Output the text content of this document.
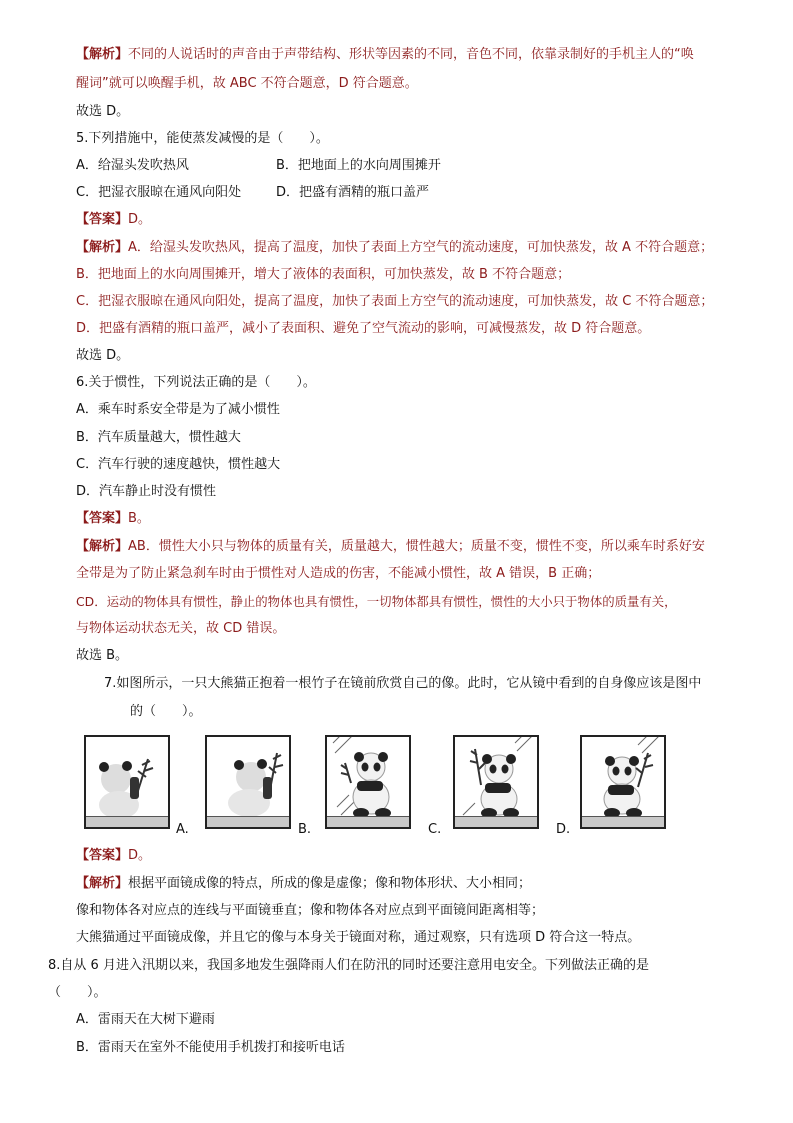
【解析】不同的人说话时的声音由于声带结构、形状等因素的不同，音色不同，依靠录制好的手机主人的“唤
醒词”就可以唤醒手机，故 ABC 不符合题意，D 符合题意。
故选 D。
5.下列措施中，能使蒸发减慢的是（　　）。
A．给湿头发吹热风	B．把地面上的水向周围摊开
C．把湿衣服晾在通风向阳处	D．把盛有酒精的瓶口盖严
【答案】D。
【解析】A．给湿头发吹热风，提高了温度，加快了表面上方空气的流动速度，可加快蒸发，故 A 不符合题意；
B．把地面上的水向周围摊开，增大了液体的表面积，可加快蒸发，故 B 不符合题意；
C．把湿衣服晾在通风向阳处，提高了温度，加快了表面上方空气的流动速度，可加快蒸发，故 C 不符合题意；
D．把盛有酒精的瓶口盖严，减小了表面积、避免了空气流动的影响，可减慢蒸发，故 D 符合题意。
故选 D。
6.关于惯性，下列说法正确的是（　　）。
A．乘车时系安全带是为了减小惯性
B．汽车质量越大，惯性越大
C．汽车行驶的速度越快，惯性越大
D．汽车静止时没有惯性
【答案】B。
【解析】AB．惯性大小只与物体的质量有关，质量越大，惯性越大；质量不变，惯性不变，所以乘车时系好安
全带是为了防止紧急刹车时由于惯性对人造成的伤害，不能减小惯性，故 A 错误，B 正确；
CD．运动的物体具有惯性，静止的物体也具有惯性，一切物体都具有惯性，惯性的大小只于物体的质量有关，
与物体运动状态无关，故 CD 错误。
故选 B。
7.如图所示，一只大熊猫正抱着一根竹子在镜前欣赏自己的像。此时，它从镜中看到的自身像应该是图中
的（　　）。
A.	B.	C.	D.
【答案】D。
【解析】根据平面镜成像的特点，所成的像是虚像；像和物体形状、大小相同；
像和物体各对应点的连线与平面镜垂直；像和物体各对应点到平面镜间距离相等；
大熊猫通过平面镜成像，并且它的像与本身关于镜面对称，通过观察，只有选项 D 符合这一特点。
8.自从 6 月进入汛期以来，我国多地发生强降雨人们在防汛的同时还要注意用电安全。下列做法正确的是
（　　）。
A．雷雨天在大树下避雨
B．雷雨天在室外不能使用手机拨打和接听电话
